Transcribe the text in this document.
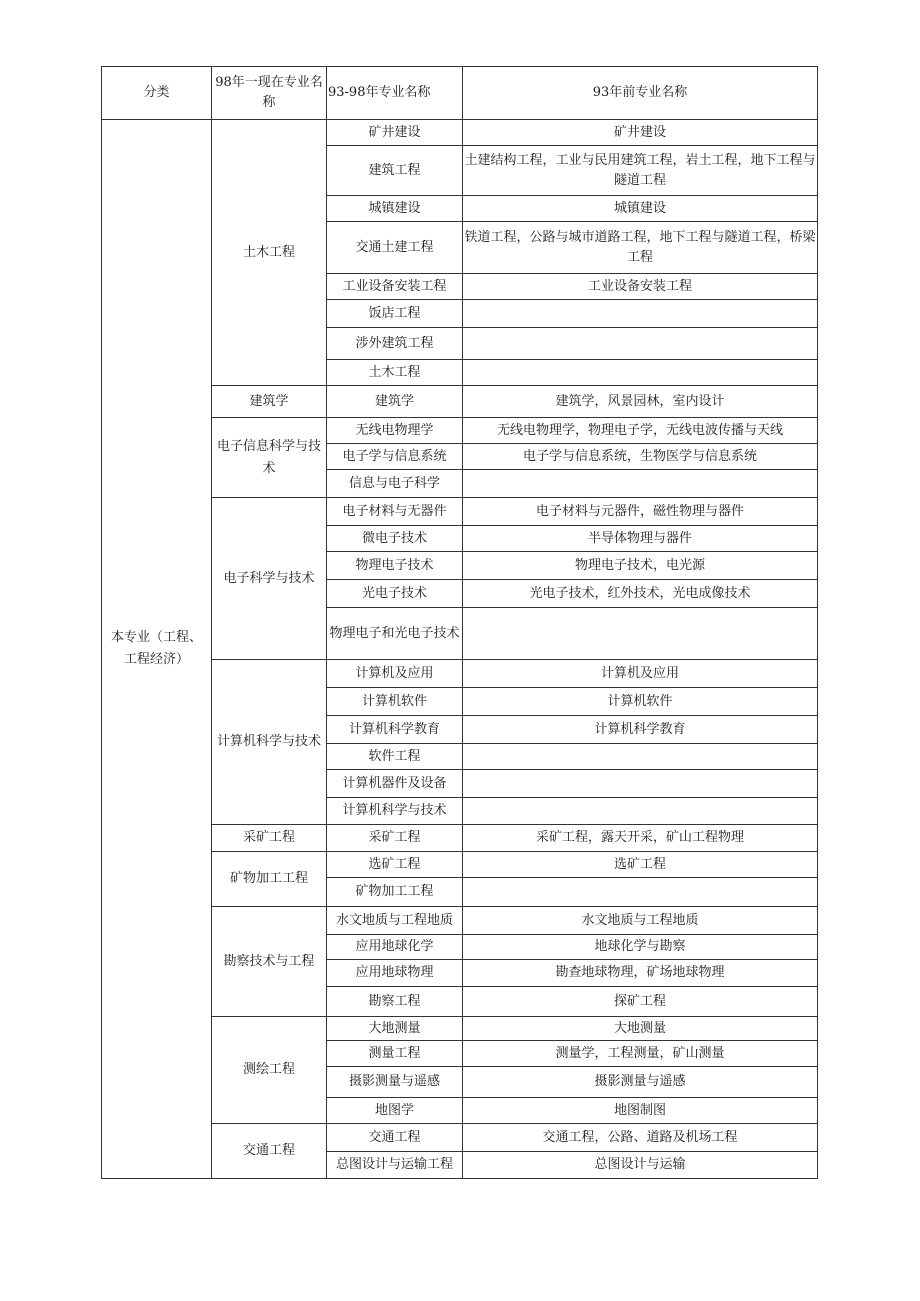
分类	98年一现在专业名称	93-98年专业名称	93年前专业名称
本专业（工程、工程经济）	土木工程	矿井建设	矿井建设
		建筑工程	土建结构工程，工业与民用建筑工程，岩土工程，地下工程与隧道工程
		城镇建设	城镇建设
		交通土建工程	铁道工程，公路与城市道路工程，地下工程与隧道工程，桥梁工程
		工业设备安装工程	工业设备安装工程
		饭店工程	
		涉外建筑工程	
		土木工程	
	建筑学	建筑学	建筑学，风景园林，室内设计
	电子信息科学与技术	无线电物理学	无线电物理学，物理电子学，无线电波传播与天线
		电子学与信息系统	电子学与信息系统，生物医学与信息系统
		信息与电子科学	
	电子科学与技术	电子材料与无器件	电子材料与元器件，磁性物理与器件
		微电子技术	半导体物理与器件
		物理电子技术	物理电子技术，电光源
		光电子技术	光电子技术，红外技术，光电成像技术
		物理电子和光电子技术	
	计算机科学与技术	计算机及应用	计算机及应用
		计算机软件	计算机软件
		计算机科学教育	计算机科学教育
		软件工程	
		计算机器件及设备	
		计算机科学与技术	
	采矿工程	采矿工程	采矿工程，露天开采，矿山工程物理
	矿物加工工程	选矿工程	选矿工程
		矿物加工工程	
	勘察技术与工程	水文地质与工程地质	水文地质与工程地质
		应用地球化学	地球化学与勘察
		应用地球物理	勘查地球物理，矿场地球物理
		勘察工程	探矿工程
	测绘工程	大地测量	大地测量
		测量工程	测量学，工程测量，矿山测量
		摄影测量与遥感	摄影测量与遥感
		地图学	地图制图
	交通工程	交通工程	交通工程，公路、道路及机场工程
		总图设计与运输工程	总图设计与运输
